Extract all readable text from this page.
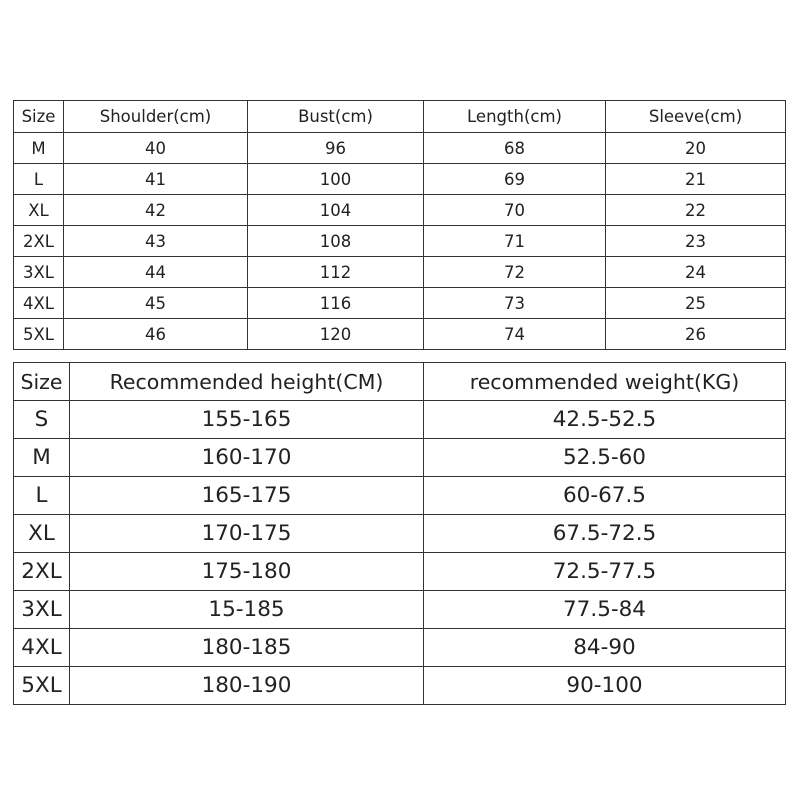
Size	Shoulder(cm)	Bust(cm)	Length(cm)	Sleeve(cm)
M	40	96	68	20
L	41	100	69	21
XL	42	104	70	22
2XL	43	108	71	23
3XL	44	112	72	24
4XL	45	116	73	25
5XL	46	120	74	26
Size	Recommended height(CM)	recommended weight(KG)
S	155-165	42.5-52.5
M	160-170	52.5-60
L	165-175	60-67.5
XL	170-175	67.5-72.5
2XL	175-180	72.5-77.5
3XL	15-185	77.5-84
4XL	180-185	84-90
5XL	180-190	90-100
